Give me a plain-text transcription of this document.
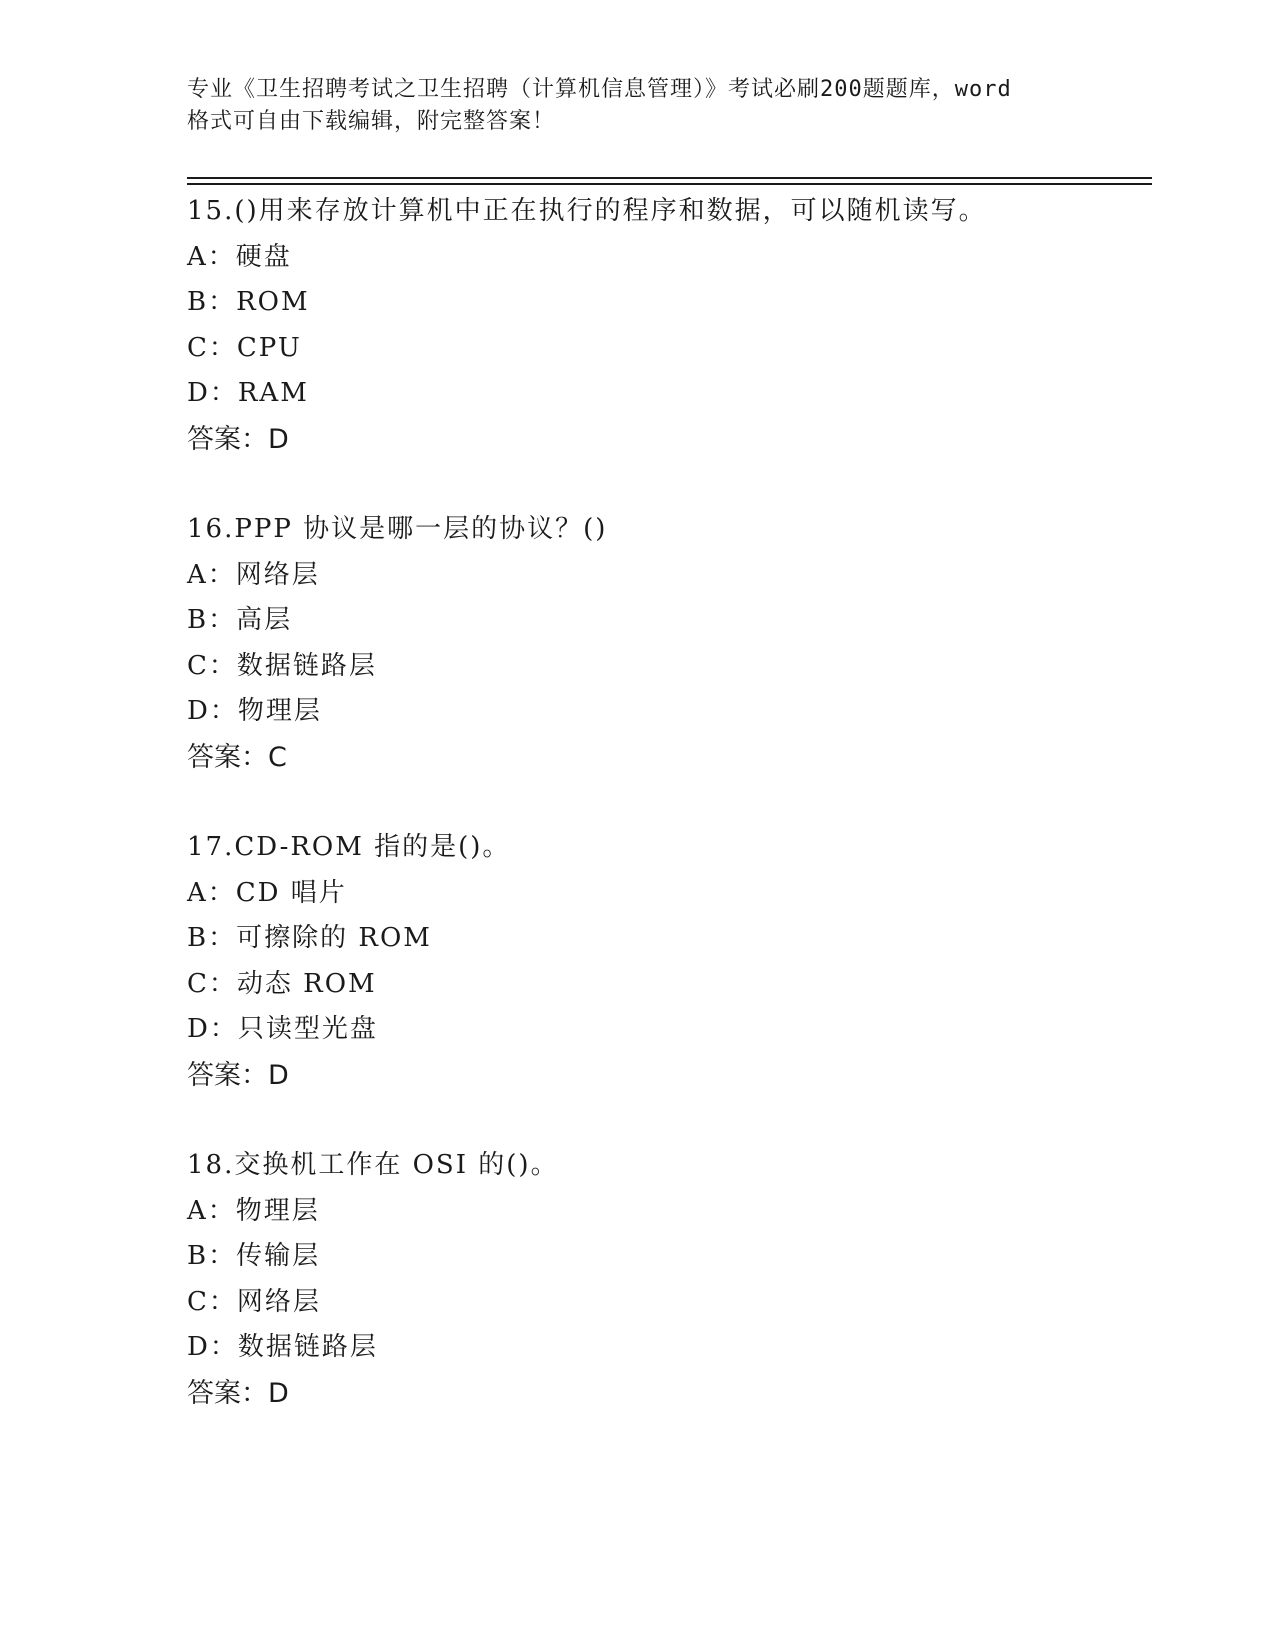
专业《卫生招聘考试之卫生招聘（计算机信息管理）》考试必刷200题题库，word
格式可自由下载编辑，附完整答案！
15.()用来存放计算机中正在执行的程序和数据，可以随机读写。
A：硬盘
B：ROM
C：CPU
D：RAM
答案：D
16.PPP 协议是哪一层的协议？()
A：网络层
B：高层
C：数据链路层
D：物理层
答案：C
17.CD-ROM 指的是()。
A：CD 唱片
B：可擦除的 ROM
C：动态 ROM
D：只读型光盘
答案：D
18.交换机工作在 OSI 的()。
A：物理层
B：传输层
C：网络层
D：数据链路层
答案：D
